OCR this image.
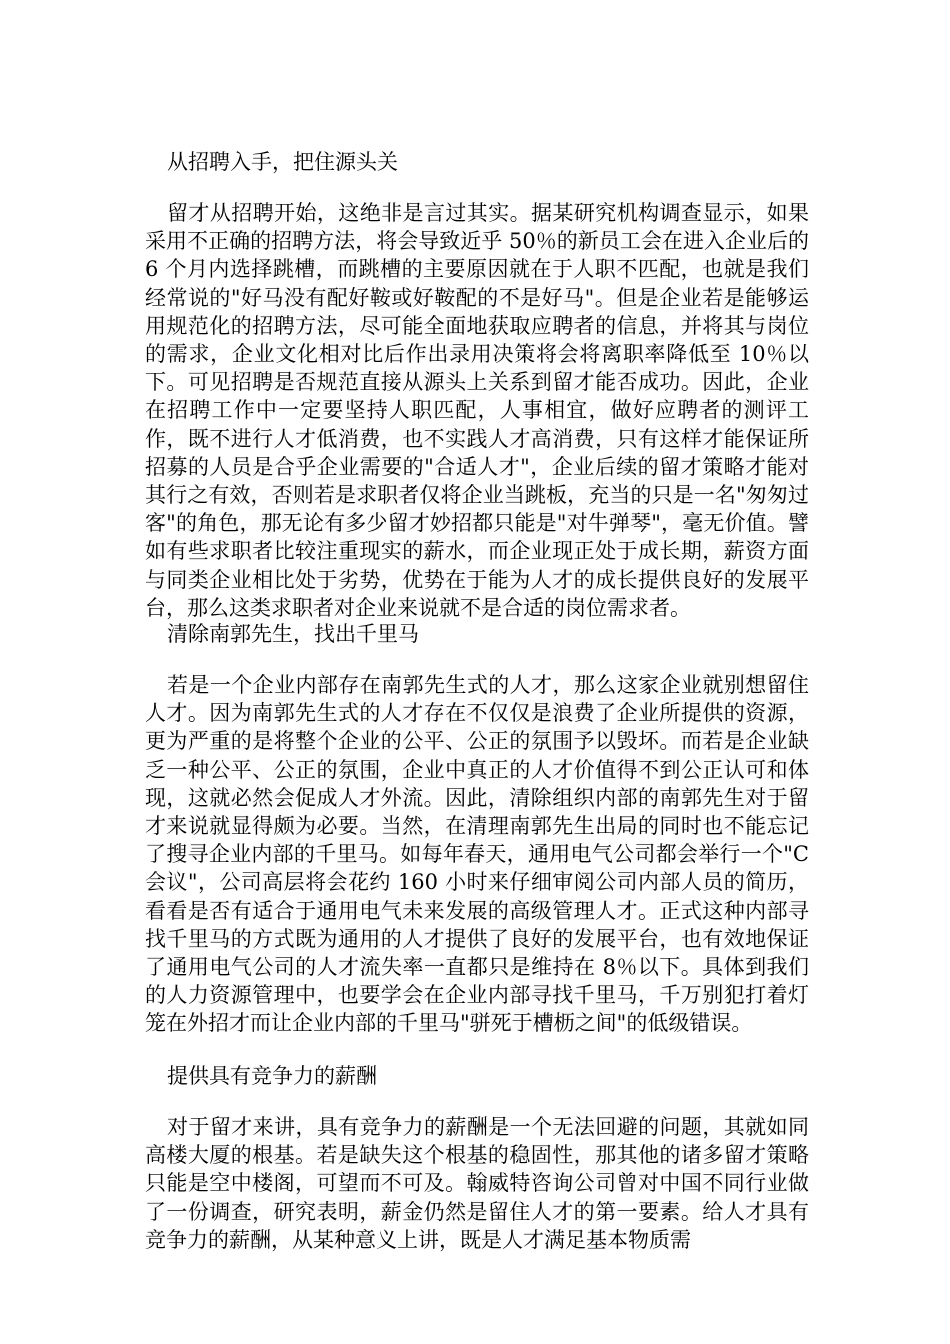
从招聘入手，把住源头关
留才从招聘开始，这绝非是言过其实。据某研究机构调查显示，如果采用不正确的招聘方法，将会导致近乎 50％的新员工会在进入企业后的 6 个月内选择跳槽，而跳槽的主要原因就在于人职不匹配，也就是我们经常说的"好马没有配好鞍或好鞍配的不是好马"。但是企业若是能够运用规范化的招聘方法，尽可能全面地获取应聘者的信息，并将其与岗位的需求，企业文化相对比后作出录用决策将会将离职率降低至 10％以下。可见招聘是否规范直接从源头上关系到留才能否成功。因此，企业在招聘工作中一定要坚持人职匹配，人事相宜，做好应聘者的测评工作，既不进行人才低消费，也不实践人才高消费，只有这样才能保证所招募的人员是合乎企业需要的"合适人才"，企业后续的留才策略才能对其行之有效，否则若是求职者仅将企业当跳板，充当的只是一名"匆匆过客"的角色，那无论有多少留才妙招都只能是"对牛弹琴"，毫无价值。譬如有些求职者比较注重现实的薪水，而企业现正处于成长期，薪资方面与同类企业相比处于劣势，优势在于能为人才的成长提供良好的发展平台，那么这类求职者对企业来说就不是合适的岗位需求者。
清除南郭先生，找出千里马
若是一个企业内部存在南郭先生式的人才，那么这家企业就别想留住人才。因为南郭先生式的人才存在不仅仅是浪费了企业所提供的资源，更为严重的是将整个企业的公平、公正的氛围予以毁坏。而若是企业缺乏一种公平、公正的氛围，企业中真正的人才价值得不到公正认可和体现，这就必然会促成人才外流。因此，清除组织内部的南郭先生对于留才来说就显得颇为必要。当然，在清理南郭先生出局的同时也不能忘记了搜寻企业内部的千里马。如每年春天，通用电气公司都会举行一个"C 会议"，公司高层将会花约 160 小时来仔细审阅公司内部人员的简历，看看是否有适合于通用电气未来发展的高级管理人才。正式这种内部寻找千里马的方式既为通用的人才提供了良好的发展平台，也有效地保证了通用电气公司的人才流失率一直都只是维持在 8％以下。具体到我们的人力资源管理中，也要学会在企业内部寻找千里马，千万别犯打着灯笼在外招才而让企业内部的千里马"骈死于槽枥之间"的低级错误。
提供具有竞争力的薪酬
对于留才来讲，具有竞争力的薪酬是一个无法回避的问题，其就如同高楼大厦的根基。若是缺失这个根基的稳固性，那其他的诸多留才策略只能是空中楼阁，可望而不可及。翰威特咨询公司曾对中国不同行业做了一份调查，研究表明，薪金仍然是留住人才的第一要素。给人才具有竞争力的薪酬，从某种意义上讲，既是人才满足基本物质需
